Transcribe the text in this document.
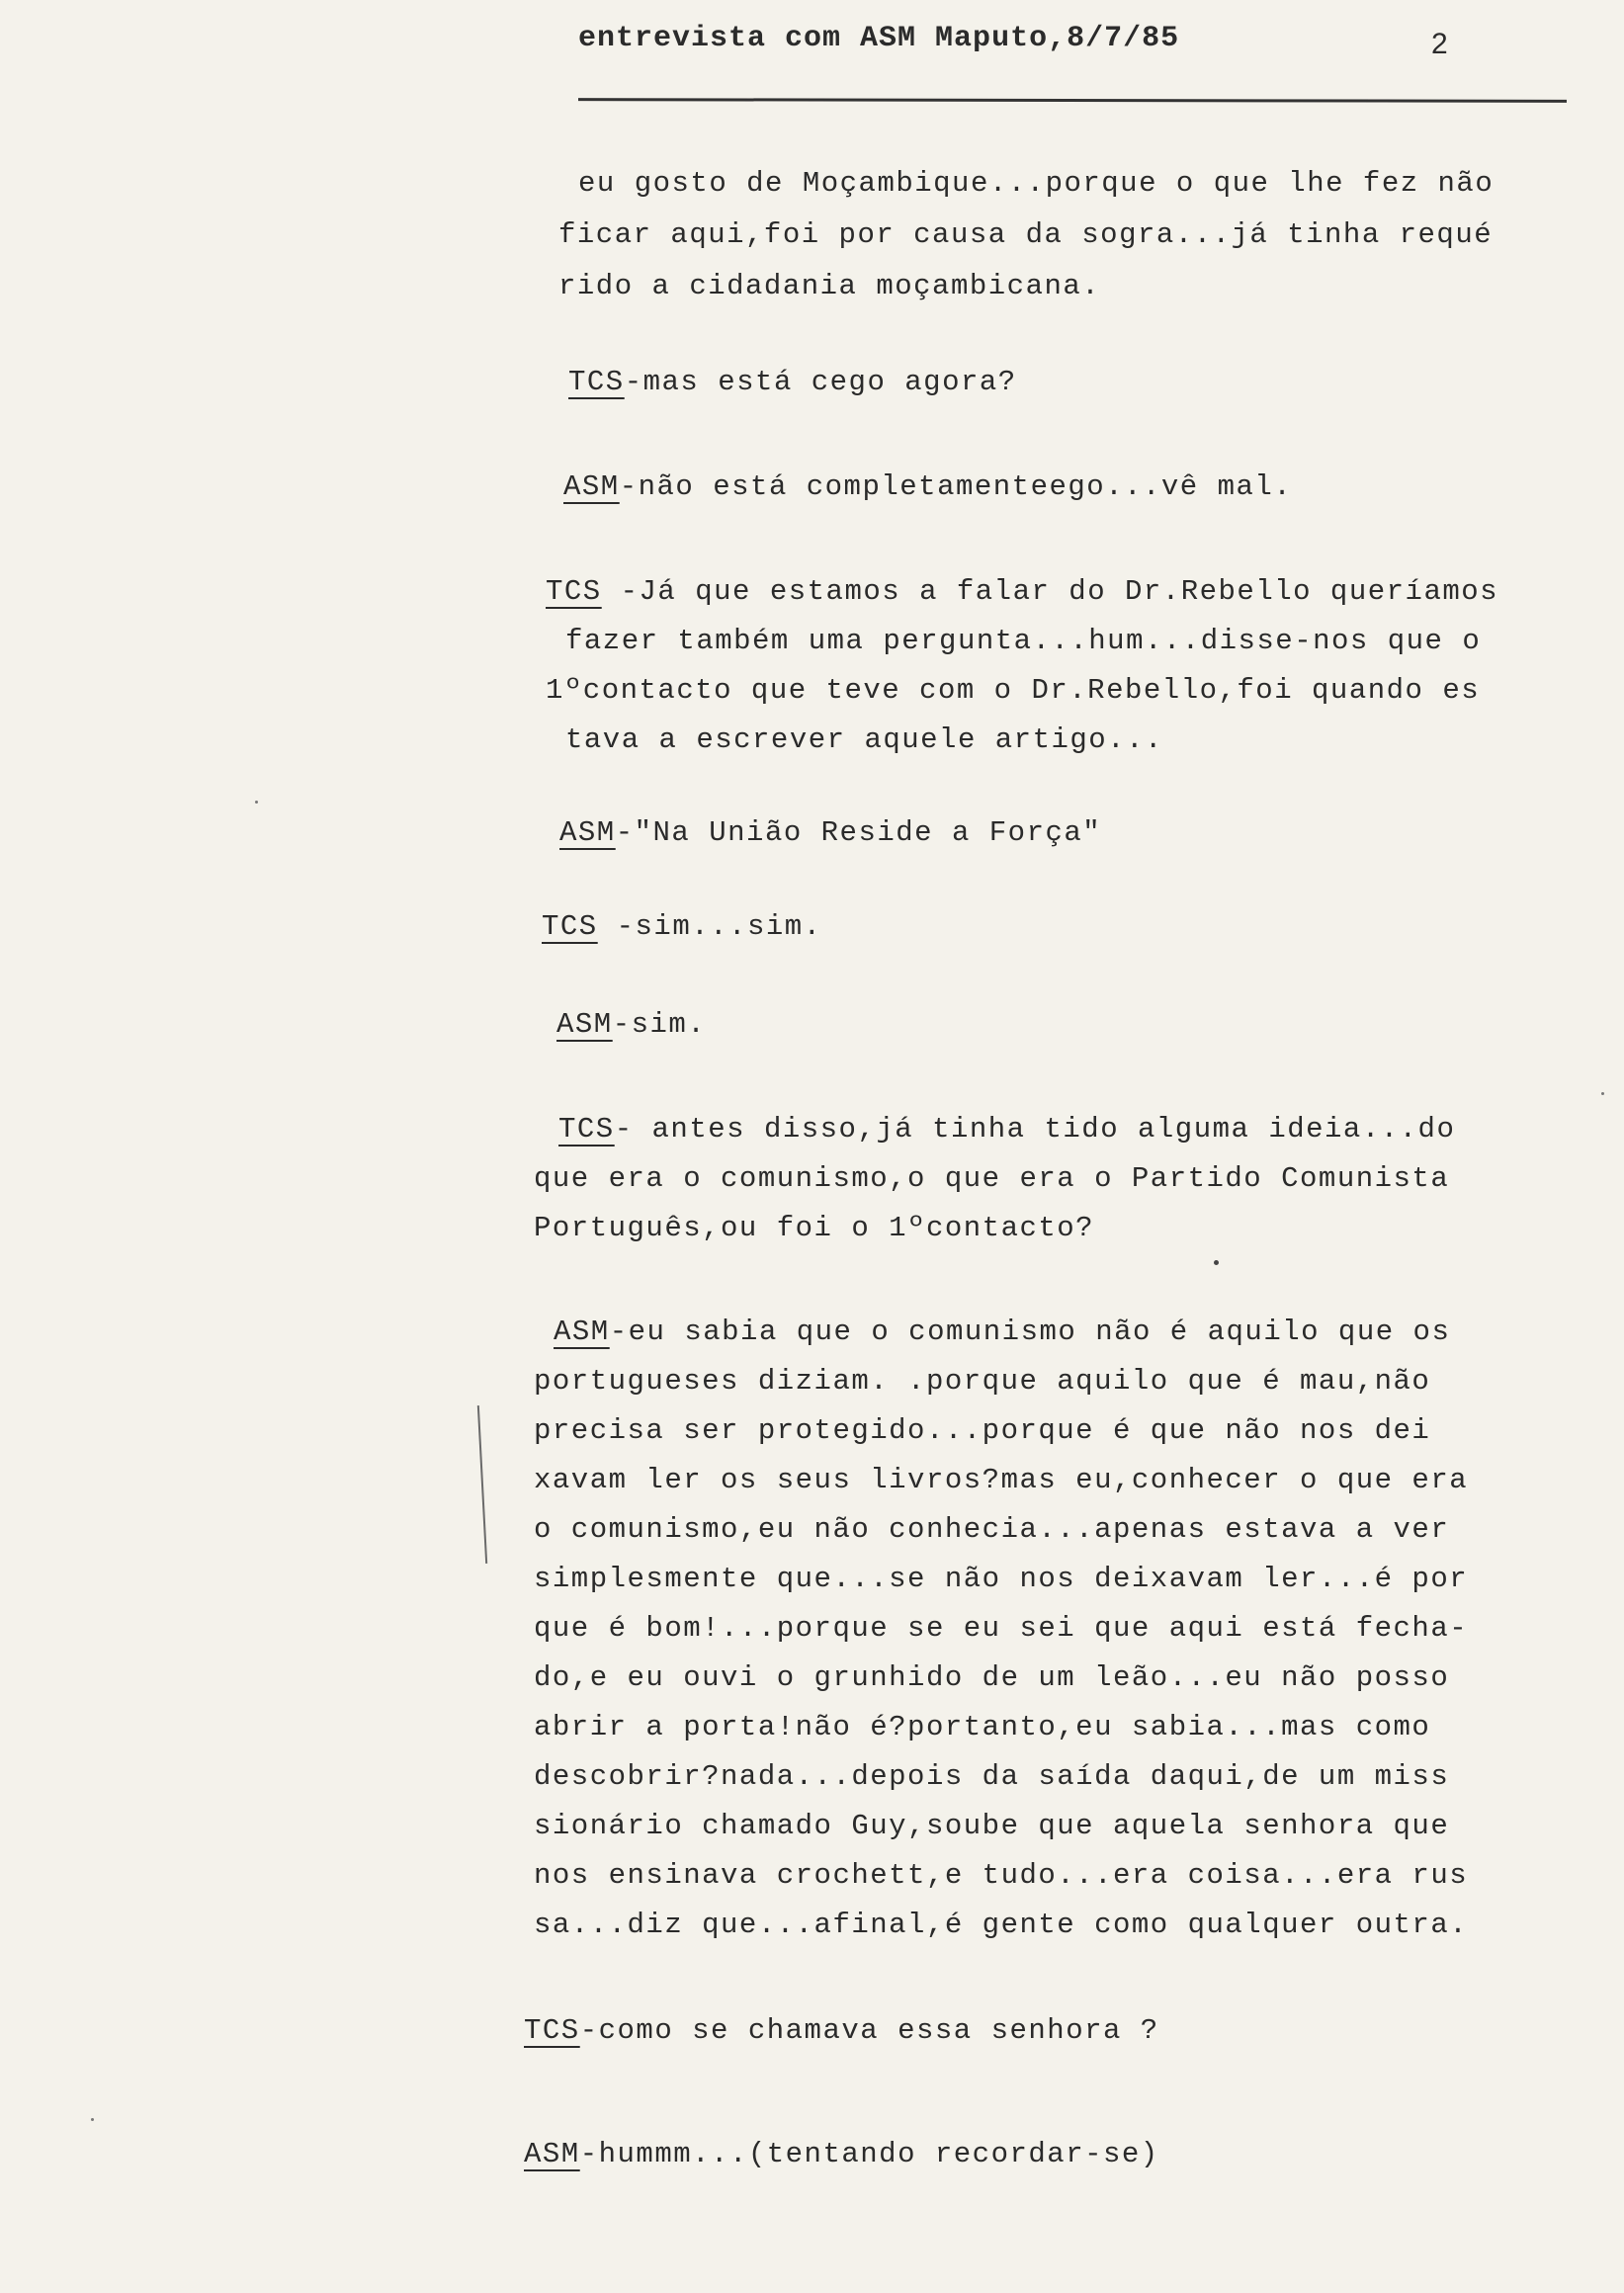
entrevista com ASM Maputo,8/7/85	2
eu gosto de Moçambique...porque o que lhe fez não
ficar aqui,foi por causa da sogra...já tinha requé
rido a cidadania moçambicana.
TCS-mas está cego agora?
ASM-não está completamenteego...vê mal.
TCS -Já que estamos a falar do Dr.Rebello queríamos
fazer também uma pergunta...hum...disse-nos que o
1ºcontacto que teve com o Dr.Rebello,foi quando es
tava a escrever aquele artigo...
ASM-"Na União Reside a Força"
TCS -sim...sim.
ASM-sim.
TCS- antes disso,já tinha tido alguma ideia...do
que era o comunismo,o que era o Partido Comunista
Português,ou foi o 1ºcontacto?
ASM-eu sabia que o comunismo não é aquilo que os
portugueses diziam. .porque aquilo que é mau,não
precisa ser protegido...porque é que não nos dei
xavam ler os seus livros?mas eu,conhecer o que era
o comunismo,eu não conhecia...apenas estava a ver
simplesmente que...se não nos deixavam ler...é por
que é bom!...porque se eu sei que aqui está fecha-
do,e eu ouvi o grunhido de um leão...eu não posso
abrir a porta!não é?portanto,eu sabia...mas como
descobrir?nada...depois da saída daqui,de um miss
sionário chamado Guy,soube que aquela senhora que
nos ensinava crochett,e tudo...era coisa...era rus
sa...diz que...afinal,é gente como qualquer outra.
TCS-como se chamava essa senhora ?
ASM-hummm...(tentando recordar-se)
